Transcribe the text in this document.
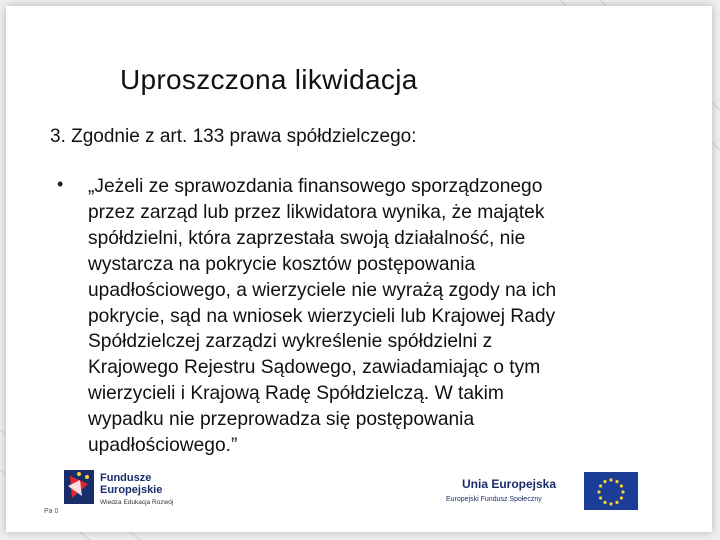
Uproszczona likwidacja
3. Zgodnie z art. 133 prawa spółdzielczego:
• „Jeżeli ze sprawozdania finansowego sporządzonego
przez zarząd lub przez likwidatora wynika, że majątek
spółdzielni, która zaprzestała swoją działalność, nie
wystarcza na pokrycie kosztów postępowania
upadłościowego, a wierzyciele nie wyrażą zgody na ich
pokrycie, sąd na wniosek wierzycieli lub Krajowej Rady
Spółdzielczej zarządzi wykreślenie spółdzielni z
Krajowego Rejestru Sądowego, zawiadamiając o tym
wierzycieli i Krajową Radę Spółdzielczą. W takim
wypadku nie przeprowadza się postępowania
upadłościowego.”
Fundusze
Europejskie
Wiedza Edukacja Rozwój
Unia Europejska
Europejski Fundusz Społeczny
Pa 0
